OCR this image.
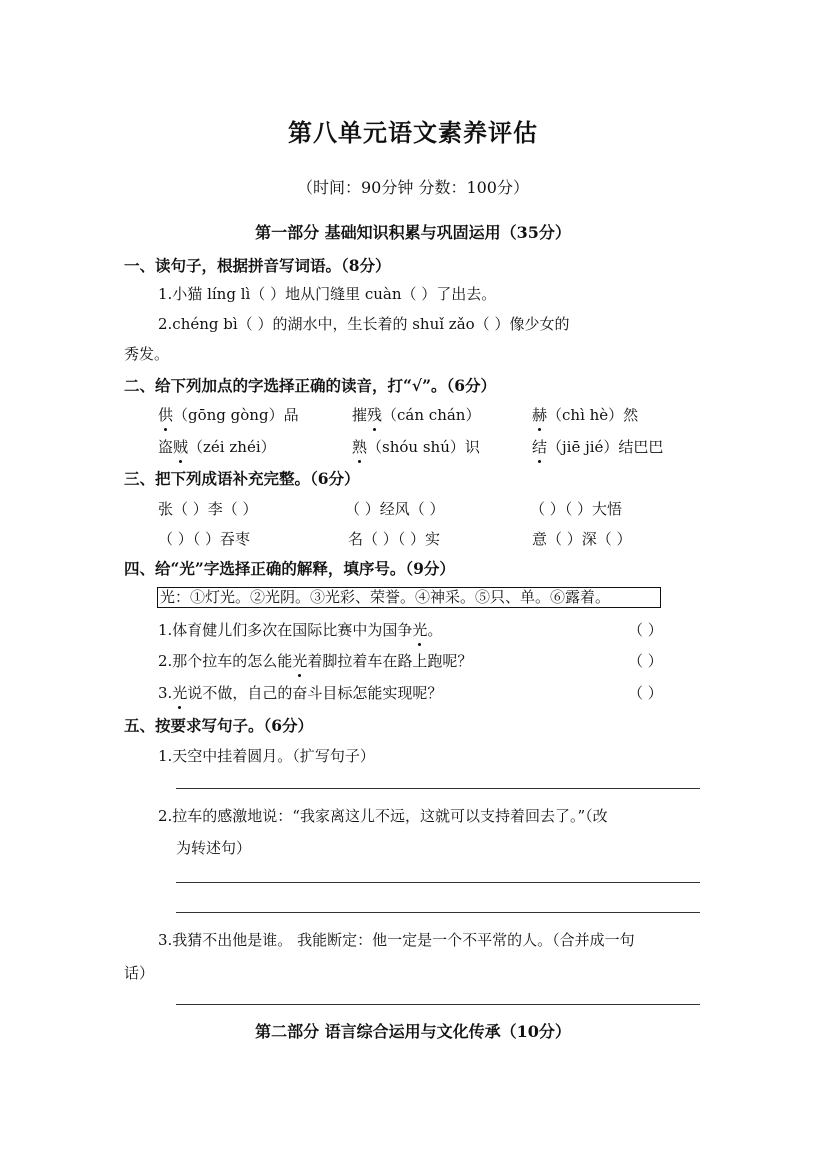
第八单元语文素养评估
（时间：90分钟 分数：100分）
第一部分 基础知识积累与巩固运用（35分）
一、读句子，根据拼音写词语。（8分）
1.小猫 líng lì（ ）地从门缝里 cuàn（ ）了出去。
2.chéng bì（ ）的湖水中，生长着的 shuǐ zǎo（ ）像少女的
秀发。
二、给下列加点的字选择正确的读音，打“√”。（6分）
供（gōng gòng）品	摧残（cán chán）	赫（chì hè）然
盗贼（zéi zhéi）	熟（shóu shú）识	结（jiē jié）结巴巴
三、把下列成语补充完整。（6分）
张（ ）李（ ）	（ ）经风（ ）	（ ）（ ）大悟
（ ）（ ）吞枣	名（ ）（ ）实	意（ ）深（ ）
四、给“光”字选择正确的解释，填序号。（9分）
光：①灯光。②光阴。③光彩、荣誉。④神采。⑤只、单。⑥露着。
1.体育健儿们多次在国际比赛中为国争光。	（ ）
2.那个拉车的怎么能光着脚拉着车在路上跑呢？	（ ）
3.光说不做，自己的奋斗目标怎能实现呢？	（ ）
五、按要求写句子。（6分）
1.天空中挂着圆月。（扩写句子）
2.拉车的感激地说：“我家离这儿不远，这就可以支持着回去了。”（改
为转述句）
3.我猜不出他是谁。 我能断定：他一定是一个不平常的人。（合并成一句
话）
第二部分 语言综合运用与文化传承（10分）
